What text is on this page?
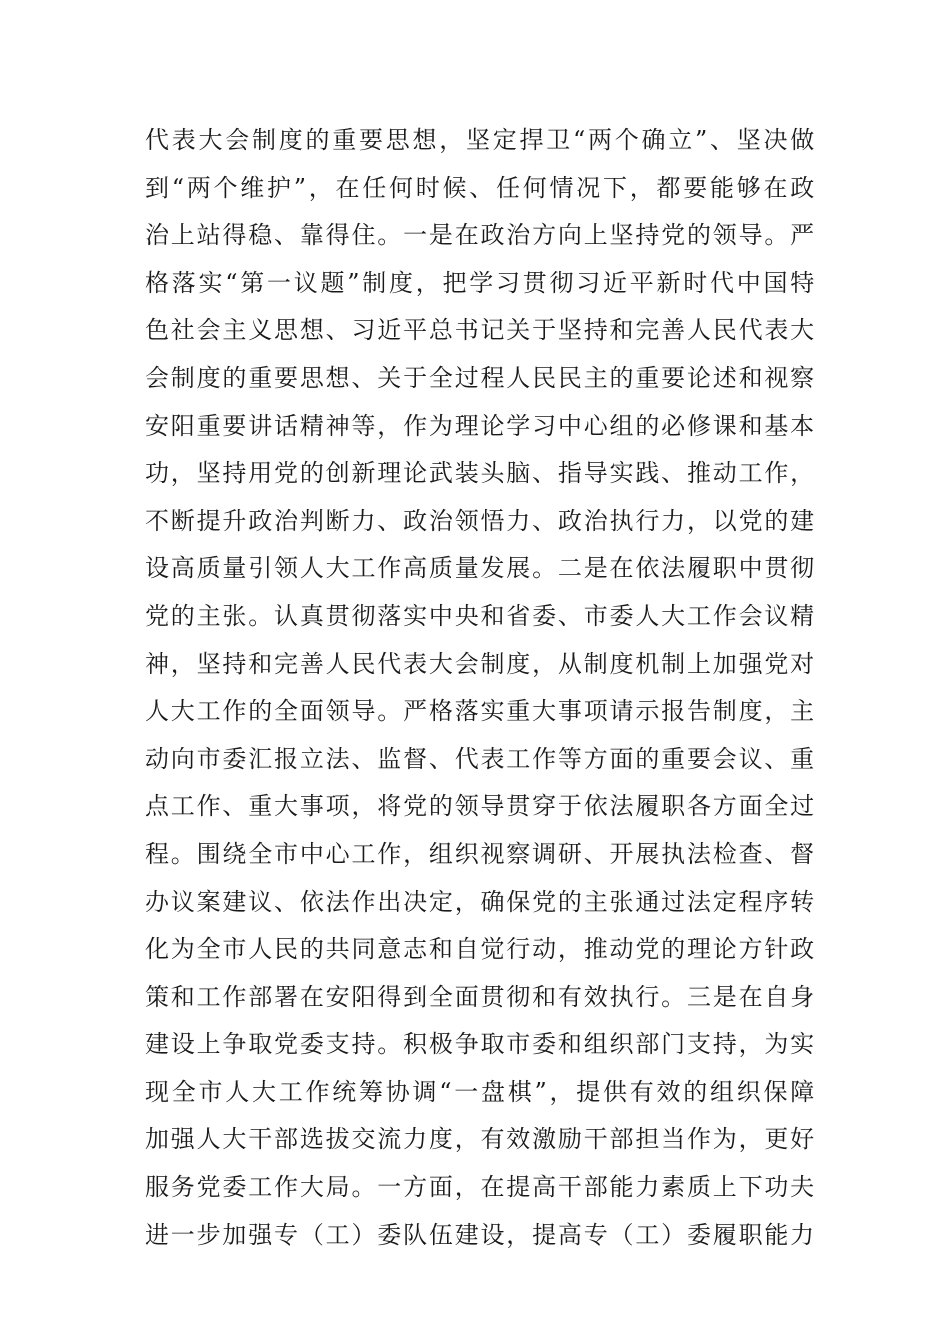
代表大会制度的重要思想，坚定捍卫“两个确立”、坚决做
到“两个维护”，在任何时候、任何情况下，都要能够在政
治上站得稳、靠得住。一是在政治方向上坚持党的领导。严
格落实“第一议题”制度，把学习贯彻习近平新时代中国特
色社会主义思想、习近平总书记关于坚持和完善人民代表大
会制度的重要思想、关于全过程人民民主的重要论述和视察
安阳重要讲话精神等，作为理论学习中心组的必修课和基本
功，坚持用党的创新理论武装头脑、指导实践、推动工作，
不断提升政治判断力、政治领悟力、政治执行力，以党的建
设高质量引领人大工作高质量发展。二是在依法履职中贯彻
党的主张。认真贯彻落实中央和省委、市委人大工作会议精
神，坚持和完善人民代表大会制度，从制度机制上加强党对
人大工作的全面领导。严格落实重大事项请示报告制度，主
动向市委汇报立法、监督、代表工作等方面的重要会议、重
点工作、重大事项，将党的领导贯穿于依法履职各方面全过
程。围绕全市中心工作，组织视察调研、开展执法检查、督
办议案建议、依法作出决定，确保党的主张通过法定程序转
化为全市人民的共同意志和自觉行动，推动党的理论方针政
策和工作部署在安阳得到全面贯彻和有效执行。三是在自身
建设上争取党委支持。积极争取市委和组织部门支持，为实
现全市人大工作统筹协调“一盘棋”，提供有效的组织保障
加强人大干部选拔交流力度，有效激励干部担当作为，更好
服务党委工作大局。一方面，在提高干部能力素质上下功夫
进一步加强专（工）委队伍建设，提高专（工）委履职能力
